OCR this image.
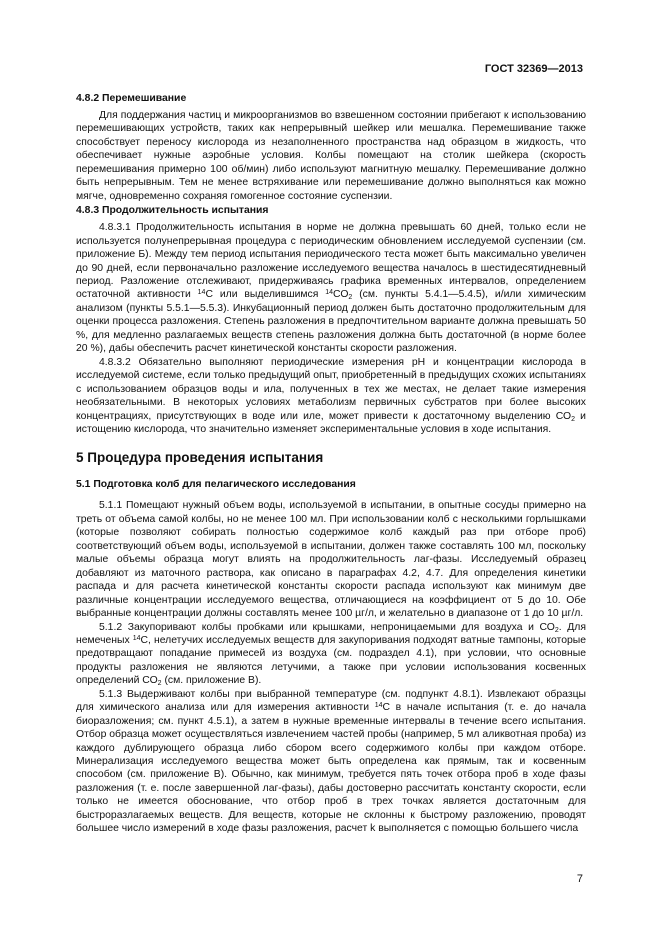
ГОСТ 32369—2013
4.8.2 Перемешивание

Для поддержания частиц и микроорганизмов во взвешенном состоянии прибегают к использованию перемешивающих устройств, таких как непрерывный шейкер или мешалка. Перемешивание также способствует переносу кислорода из незаполненного пространства над образцом в жидкость, что обеспечивает нужные аэробные условия. Колбы помещают на столик шейкера (скорость перемешивания примерно 100 об/мин) либо используют магнитную мешалку. Перемешивание должно быть непрерывным. Тем не менее встряхивание или перемешивание должно выполняться как можно мягче, одновременно сохраняя гомогенное состояние суспензии.

4.8.3 Продолжительность испытания

4.8.3.1 Продолжительность испытания в норме не должна превышать 60 дней, только если не используется полунепрерывная процедура с периодическим обновлением исследуемой суспензии (см. приложение Б). Между тем период испытания периодического теста может быть максимально увеличен до 90 дней, если первоначально разложение исследуемого вещества началось в шестидесятидневный период. Разложение отслеживают, придерживаясь графика временных интервалов, определением остаточной активности $^{14}$С или выделившимся $^{14}СО_2$ (см. пункты 5.4.1—5.4.5), и/или химическим анализом (пункты 5.5.1—5.5.3). Инкубационный период должен быть достаточно продолжительным для оценки процесса разложения. Степень разложения в предпочтительном варианте должна превышать 50 %, для медленно разлагаемых веществ степень разложения должна быть достаточной (в норме более 20 %), дабы обеспечить расчет кинетической константы скорости разложения.

4.8.3.2 Обязательно выполняют периодические измерения pH и концентрации кислорода в исследуемой системе, если только предыдущий опыт, приобретенный в предыдущих схожих испытаниях с использованием образцов воды и ила, полученных в тех же местах, не делает такие измерения необязательными. В некоторых условиях метаболизм первичных субстратов при более высоких концентрациях, присутствующих в воде или иле, может привести к достаточному выделению $СО_2$ и истощению кислорода, что значительно изменяет экспериментальные условия в ходе испытания.

5 Процедура проведения испытания
5.1 Подготовка колб для пелагического исследования

5.1.1 Помещают нужный объем воды, используемой в испытании, в опытные сосуды примерно на треть от объема самой колбы, но не менее 100 мл. При использовании колб с несколькими горлышками (которые позволяют собирать полностью содержимое колб каждый раз при отборе проб) соответствующий объем воды, используемой в испытании, должен также составлять 100 мл, поскольку малые объемы образца могут влиять на продолжительность лаг-фазы. Исследуемый образец добавляют из маточного раствора, как описано в параграфах 4.2, 4.7. Для определения кинетики распада и для расчета кинетической константы скорости распада используют как минимум две различные концентрации исследуемого вещества, отличающиеся на коэффициент от 5 до 10. Обе выбранные концентрации должны составлять менее 100 µг/л, и желательно в диапазоне от 1 до 10 µг/л.

5.1.2 Закупоривают колбы пробками или крышками, непроницаемыми для воздуха и $СО_2$. Для немеченых $^{14}$С, нелетучих исследуемых веществ для закупоривания подходят ватные тампоны, которые предотвращают попадание примесей из воздуха (см. подраздел 4.1), при условии, что основные продукты разложения не являются летучими, а также при условии использования косвенных определений $СО_2$ (см. приложение В).

5.1.3 Выдерживают колбы при выбранной температуре (см. подпункт 4.8.1). Извлекают образцы для химического анализа или для измерения активности $^{14}$С в начале испытания (т. е. до начала биоразложения; см. пункт 4.5.1), а затем в нужные временные интервалы в течение всего испытания. Отбор образца может осуществляться извлечением частей пробы (например, 5 мл аликвотная проба) из каждого дублирующего образца либо сбором всего содержимого колбы при каждом отборе. Минерализация исследуемого вещества может быть определена как прямым, так и косвенным способом (см. приложение В). Обычно, как минимум, требуется пять точек отбора проб в ходе фазы разложения (т. е. после завершенной лаг-фазы), дабы достоверно рассчитать константу скорости, если только не имеется обоснование, что отбор проб в трех точках является достаточным для быстроразлагаемых веществ. Для веществ, которые не склонны к быстрому разложению, проводят большее число измерений в ходе фазы разложения, расчет k выполняется с помощью большего числа

7
